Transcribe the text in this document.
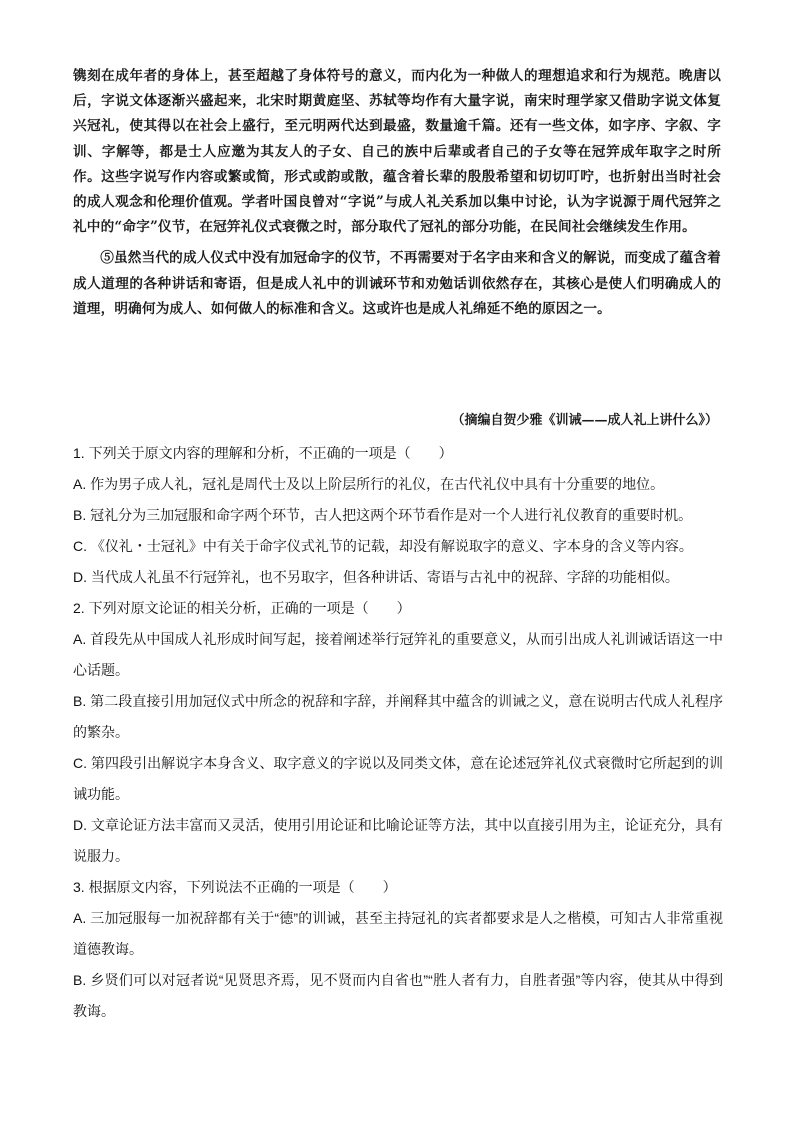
镌刻在成年者的身体上，甚至超越了身体符号的意义，而内化为一种做人的理想追求和行为规范。晚唐以后，字说文体逐渐兴盛起来，北宋时期黄庭坚、苏轼等均作有大量字说，南宋时理学家又借助字说文体复兴冠礼，使其得以在社会上盛行，至元明两代达到最盛，数量逾千篇。还有一些文体，如字序、字叙、字训、字解等，都是士人应邀为其友人的子女、自己的族中后辈或者自己的子女等在冠笄成年取字之时所作。这些字说写作内容或繁或简，形式或韵或散，蕴含着长辈的殷殷希望和切切叮咛，也折射出当时社会的成人观念和伦理价值观。学者叶国良曾对“字说”与成人礼关系加以集中讨论，认为字说源于周代冠笄之礼中的“命字”仪节，在冠笄礼仪式衰微之时，部分取代了冠礼的部分功能，在民间社会继续发生作用。

⑤虽然当代的成人仪式中没有加冠命字的仪节，不再需要对于名字由来和含义的解说，而变成了蕴含着成人道理的各种讲话和寄语，但是成人礼中的训诫环节和劝勉话训依然存在，其核心是使人们明确成人的道理，明确何为成人、如何做人的标准和含义。这或许也是成人礼绵延不绝的原因之一。

（摘编自贺少雅《训诫——成人礼上讲什么》）

1. 下列关于原文内容的理解和分析，不正确的一项是（　　）

A. 作为男子成人礼，冠礼是周代士及以上阶层所行的礼仪，在古代礼仪中具有十分重要的地位。

B. 冠礼分为三加冠服和命字两个环节，古人把这两个环节看作是对一个人进行礼仪教育的重要时机。

C. 《仪礼・士冠礼》中有关于命字仪式礼节的记载，却没有解说取字的意义、字本身的含义等内容。

D. 当代成人礼虽不行冠笄礼，也不另取字，但各种讲话、寄语与古礼中的祝辞、字辞的功能相似。

2. 下列对原文论证的相关分析，正确的一项是（　　）

A. 首段先从中国成人礼形成时间写起，接着阐述举行冠笄礼的重要意义，从而引出成人礼训诫话语这一中心话题。

B. 第二段直接引用加冠仪式中所念的祝辞和字辞，并阐释其中蕴含的训诫之义，意在说明古代成人礼程序的繁杂。

C. 第四段引出解说字本身含义、取字意义的字说以及同类文体，意在论述冠笄礼仪式衰微时它所起到的训诫功能。

D. 文章论证方法丰富而又灵活，使用引用论证和比喻论证等方法，其中以直接引用为主，论证充分，具有说服力。

3. 根据原文内容，下列说法不正确的一项是（　　）

A. 三加冠服每一加祝辞都有关于“德”的训诫，甚至主持冠礼的宾者都要求是人之楷模，可知古人非常重视道德教诲。

B. 乡贤们可以对冠者说“见贤思齐焉，见不贤而内自省也”“胜人者有力，自胜者强”等内容，使其从中得到教诲。
